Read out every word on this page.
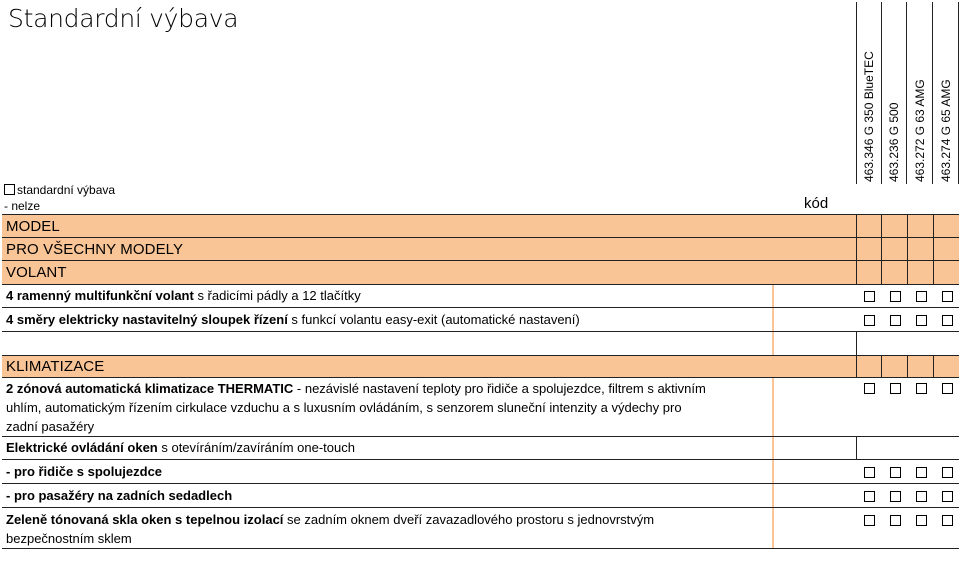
Standardní výbava
standardní výbava
- nelze	kód
463.346 G 350 BlueTEC 463.236 G 500 463.272 G 63 AMG 463.274 G 65 AMG
MODEL
PRO VŠECHNY MODELY
VOLANT
4 ramenný multifunkční volant s řadicími pádly a 12 tlačítky
4 směry elektricky nastavitelný sloupek řízení s funkcí volantu easy-exit (automatické nastavení)
KLIMATIZACE
2 zónová automatická klimatizace THERMATIC - nezávislé nastavení teploty pro řidiče a spolujezdce, filtrem s aktivním
uhlím, automatickým řízením cirkulace vzduchu a s luxusním ovládáním, s senzorem sluneční intenzity a výdechy pro
zadní pasažéry
Elektrické ovládání oken s otevíráním/zavíráním one-touch
- pro řidiče s spolujezdce
- pro pasažéry na zadních sedadlech
Zeleně tónovaná skla oken s tepelnou izolací se zadním oknem dveří zavazadlového prostoru s jednovrstvým
bezpečnostním sklem
